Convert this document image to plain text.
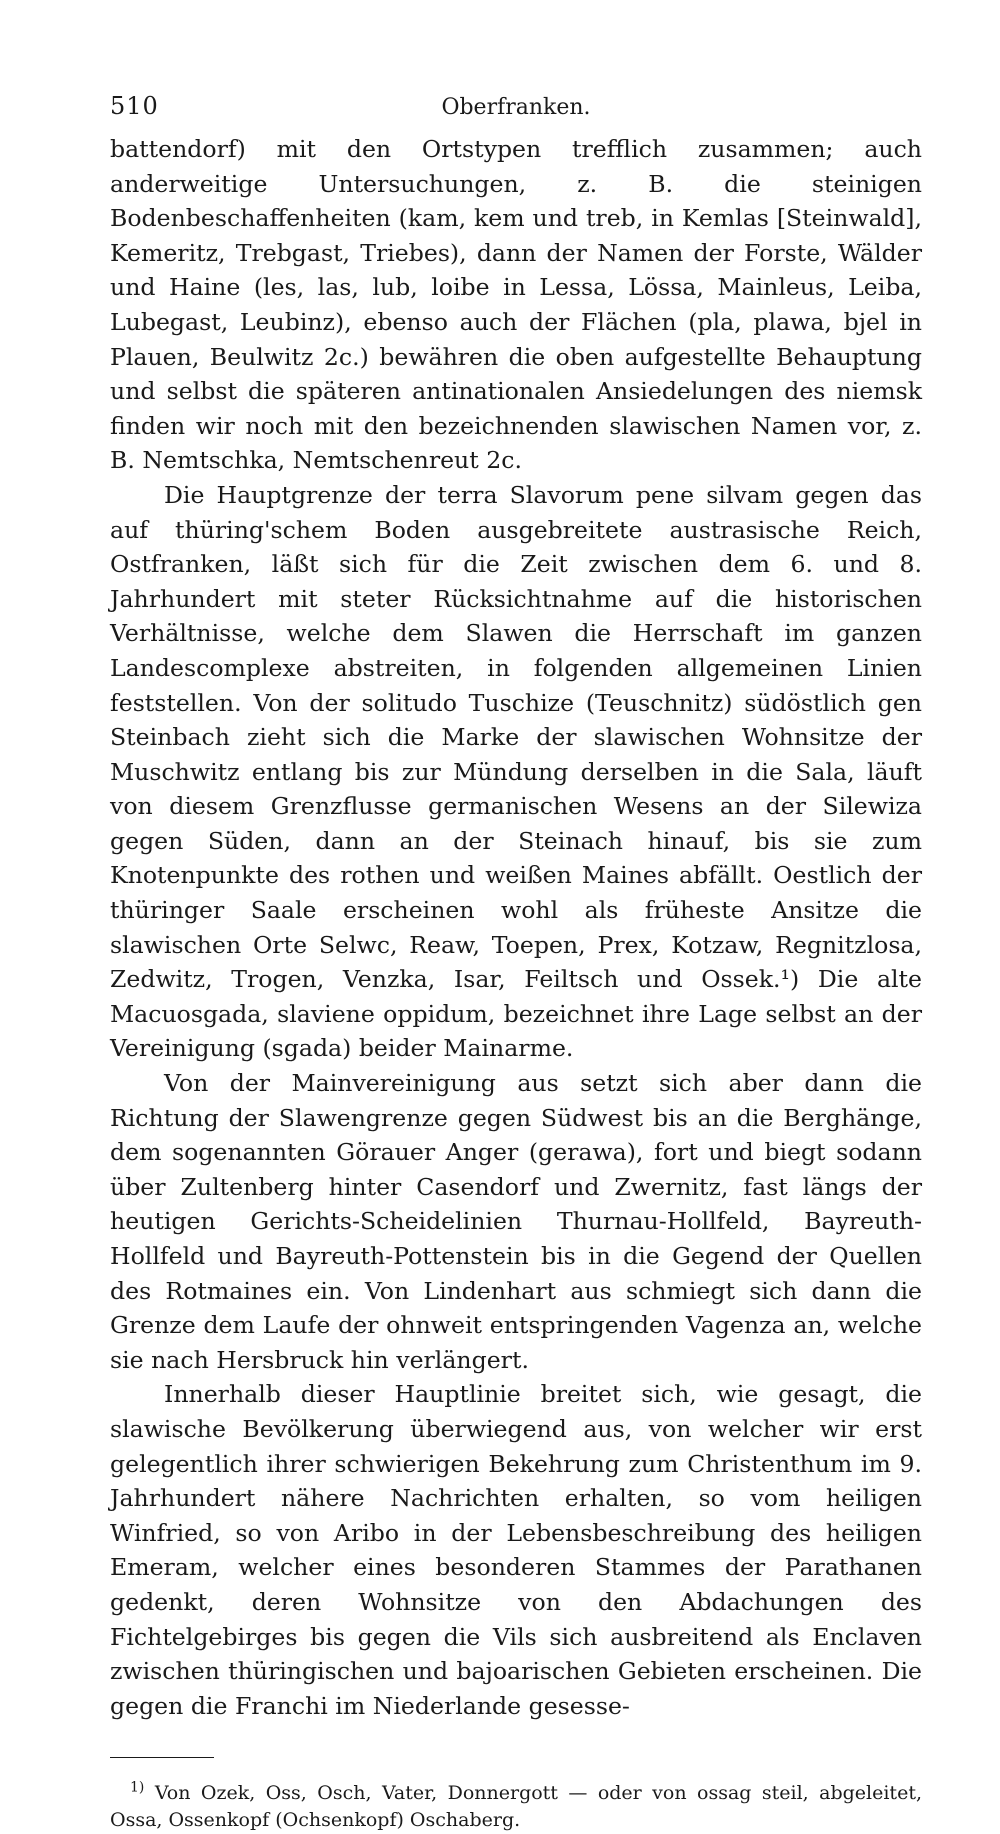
510	Oberfranken.

battendorf) mit den Ortstypen trefflich zusammen; auch anderweitige Untersuchungen, z. B. die steinigen Bodenbeschaffenheiten (kam, kem und treb, in Kemlas [Steinwald], Kemeritz, Trebgast, Triebes), dann der Namen der Forste, Wälder und Haine (les, las, lub, loibe in Lessa, Lössa, Mainleus, Leiba, Lubegast, Leubinz), ebenso auch der Flächen (pla, plawa, bjel in Plauen, Beulwitz 2c.) bewähren die oben aufgestellte Behauptung und selbst die späteren antinationalen Ansiedelungen des niemsk finden wir noch mit den bezeichnenden slawischen Namen vor, z. B. Nemtschka, Nemtschenreut 2c.

Die Hauptgrenze der terra Slavorum pene silvam gegen das auf thüring'schem Boden ausgebreitete austrasische Reich, Ostfranken, läßt sich für die Zeit zwischen dem 6. und 8. Jahrhundert mit steter Rücksichtnahme auf die historischen Verhältnisse, welche dem Slawen die Herrschaft im ganzen Landescomplexe abstreiten, in folgenden allgemeinen Linien feststellen. Von der solitudo Tuschize (Teuschnitz) südöstlich gen Steinbach zieht sich die Marke der slawischen Wohnsitze der Muschwitz entlang bis zur Mündung derselben in die Sala, läuft von diesem Grenzflusse germanischen Wesens an der Silewiza gegen Süden, dann an der Steinach hinauf, bis sie zum Knotenpunkte des rothen und weißen Maines abfällt. Oestlich der thüringer Saale erscheinen wohl als früheste Ansitze die slawischen Orte Selwc, Reaw, Toepen, Prex, Kotzaw, Regnitzlosa, Zedwitz, Trogen, Venzka, Isar, Feiltsch und Ossek.¹) Die alte Macuosgada, slaviene oppidum, bezeichnet ihre Lage selbst an der Vereinigung (sgada) beider Mainarme.

Von der Mainvereinigung aus setzt sich aber dann die Richtung der Slawengrenze gegen Südwest bis an die Berghänge, dem sogenannten Görauer Anger (gerawa), fort und biegt sodann über Zultenberg hinter Casendorf und Zwernitz, fast längs der heutigen Gerichts-Scheidelinien Thurnau-Hollfeld, Bayreuth-Hollfeld und Bayreuth-Pottenstein bis in die Gegend der Quellen des Rotmaines ein. Von Lindenhart aus schmiegt sich dann die Grenze dem Laufe der ohnweit entspringenden Vagenza an, welche sie nach Hersbruck hin verlängert.

Innerhalb dieser Hauptlinie breitet sich, wie gesagt, die slawische Bevölkerung überwiegend aus, von welcher wir erst gelegentlich ihrer schwierigen Bekehrung zum Christenthum im 9. Jahrhundert nähere Nachrichten erhalten, so vom heiligen Winfried, so von Aribo in der Lebensbeschreibung des heiligen Emeram, welcher eines besonderen Stammes der Parathanen gedenkt, deren Wohnsitze von den Abdachungen des Fichtelgebirges bis gegen die Vils sich ausbreitend als Enclaven zwischen thüringischen und bajoarischen Gebieten erscheinen. Die gegen die Franchi im Niederlande gesesse-

$^{1)}$ Von Ozek, Oss, Osch, Vater, Donnergott — oder von ossag steil, abgeleitet, Ossa, Ossenkopf (Ochsenkopf) Oschaberg.
